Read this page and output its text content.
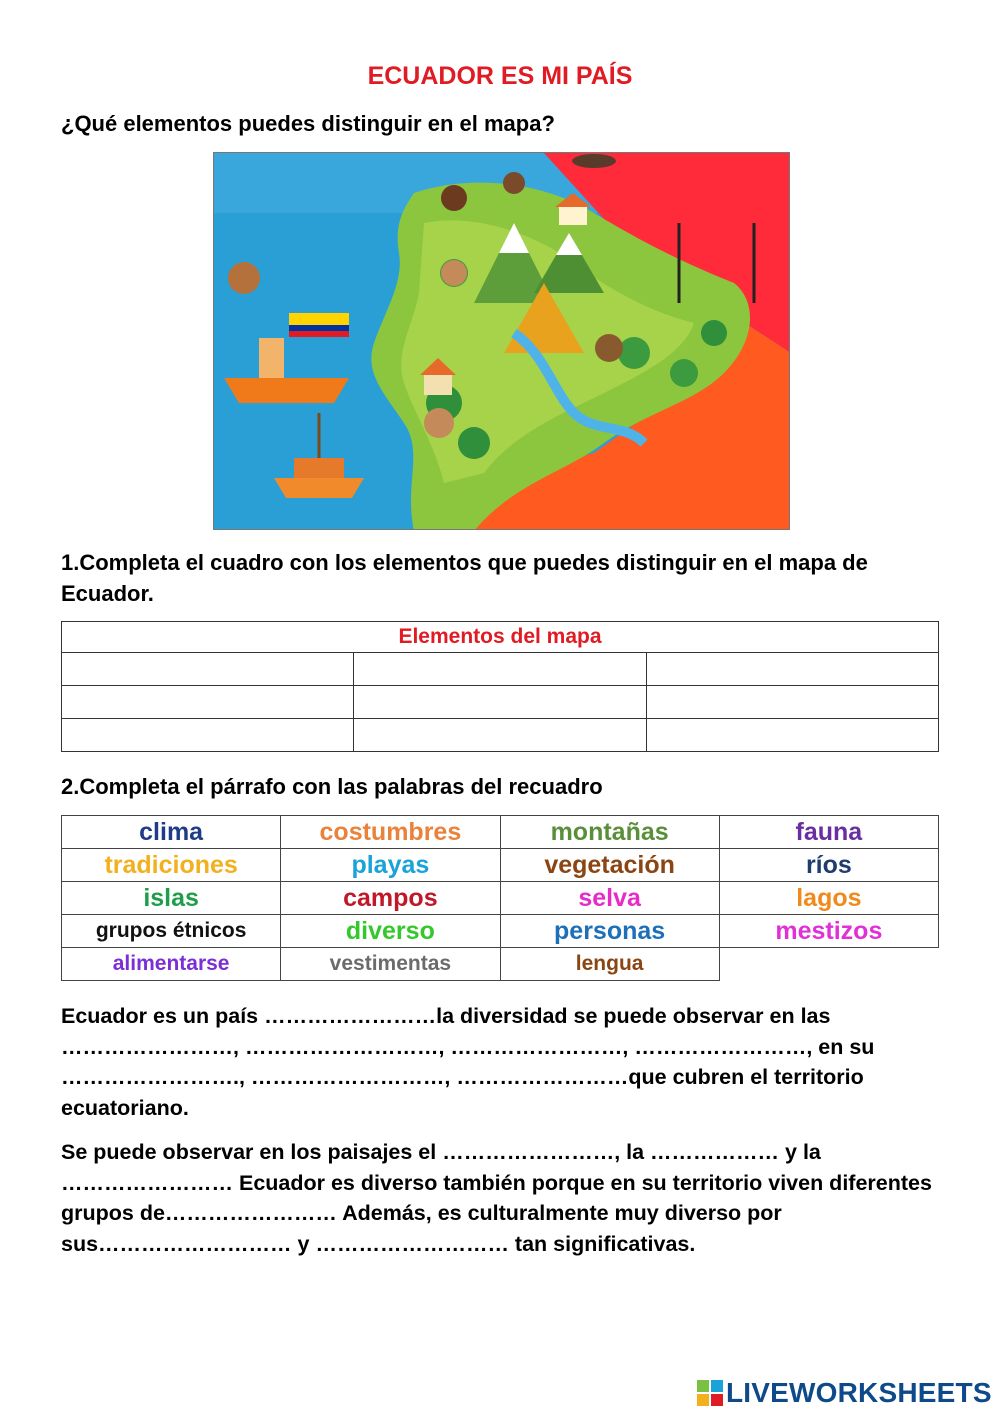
ECUADOR ES MI PAÍS
¿Qué elementos puedes distinguir en el mapa?
1.Completa el cuadro con los elementos que puedes distinguir en el mapa de Ecuador.
Elementos del mapa		

2.Completa el párrafo con las palabras del recuadro
clima	costumbres	montañas	fauna
tradiciones	playas	vegetación	ríos
islas	campos	selva	lagos
grupos étnicos	diverso	personas	mestizos
alimentarse	vestimentas	lengua	
Ecuador es un país ……………………la diversidad se puede observar en las ……………………, ………………………, ……………………, ……………………, en su ……………………., ………………………, ……………………que cubren el territorio ecuatoriano.
Se puede observar en los paisajes el ……………………, la ……………… y la …………………… Ecuador es diverso también porque en su territorio viven diferentes grupos de…………………… Además, es culturalmente muy diverso por sus……………………… y ……………………… tan significativas.
LIVEWORKSHEETS
